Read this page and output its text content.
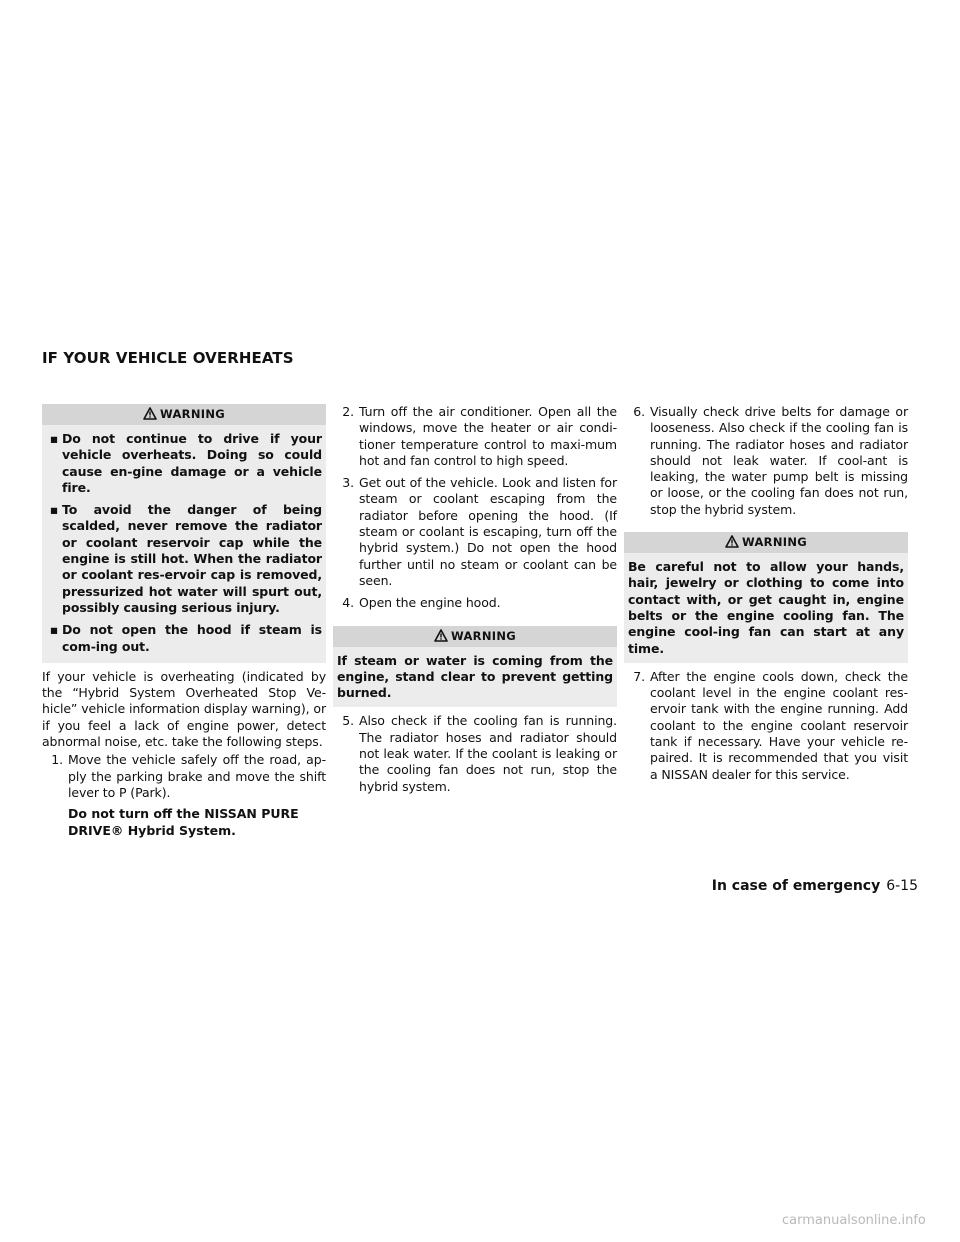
IF YOUR VEHICLE OVERHEATS
WARNING
▪ Do not continue to drive if your vehicle overheats. Doing so could cause en-gine damage or a vehicle fire.
▪ To avoid the danger of being scalded, never remove the radiator or coolant reservoir cap while the engine is still hot. When the radiator or coolant res-ervoir cap is removed, pressurized hot water will spurt out, possibly causing serious injury.
▪ Do not open the hood if steam is com-ing out.

If your vehicle is overheating (indicated by the “Hybrid System Overheated Stop Ve-hicle” vehicle information display warning), or if you feel a lack of engine power, detect abnormal noise, etc. take the following steps.

1. Move the vehicle safely off the road, ap-ply the parking brake and move the shift lever to P (Park).

Do not turn off the NISSAN PURE DRIVE® Hybrid System.

2. Turn off the air conditioner. Open all the windows, move the heater or air condi-tioner temperature control to maxi-mum hot and fan control to high speed.
3. Get out of the vehicle. Look and listen for steam or coolant escaping from the radiator before opening the hood. (If steam or coolant is escaping, turn off the hybrid system.) Do not open the hood further until no steam or coolant can be seen.
4. Open the engine hood.
WARNING
If steam or water is coming from the engine, stand clear to prevent getting burned.
5. Also check if the cooling fan is running. The radiator hoses and radiator should not leak water. If the coolant is leaking or the cooling fan does not run, stop the hybrid system.
6. Visually check drive belts for damage or looseness. Also check if the cooling fan is running. The radiator hoses and radiator should not leak water. If cool-ant is leaking, the water pump belt is missing or loose, or the cooling fan does not run, stop the hybrid system.
WARNING
Be careful not to allow your hands, hair, jewelry or clothing to come into contact with, or get caught in, engine belts or the engine cooling fan. The engine cool-ing fan can start at any time.
7. After the engine cools down, check the coolant level in the engine coolant res-ervoir tank with the engine running. Add coolant to the engine coolant reservoir tank if necessary. Have your vehicle re-paired. It is recommended that you visit a NISSAN dealer for this service.
In case of emergency 6-15
carmanualsonline.info
